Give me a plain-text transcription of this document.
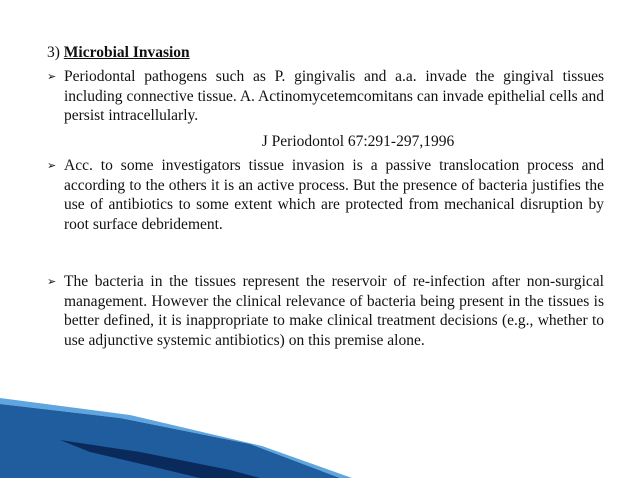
3) Microbial Invasion
➢ Periodontal pathogens such as P. gingivalis and a.a. invade the gingival tissues including connective tissue. A. Actinomycetemcomitans can invade epithelial cells and persist intracellularly.
J Periodontol 67:291-297,1996
➢ Acc. to some investigators tissue invasion is a passive translocation process and according to the others it is an active process. But the presence of bacteria justifies the use of antibiotics to some extent which are protected from mechanical disruption by root surface debridement.
➢ The bacteria in the tissues represent the reservoir of re-infection after non-surgical management. However the clinical relevance of bacteria being present in the tissues is better defined, it is inappropriate to make clinical treatment decisions (e.g., whether to use adjunctive systemic antibiotics) on this premise alone.
